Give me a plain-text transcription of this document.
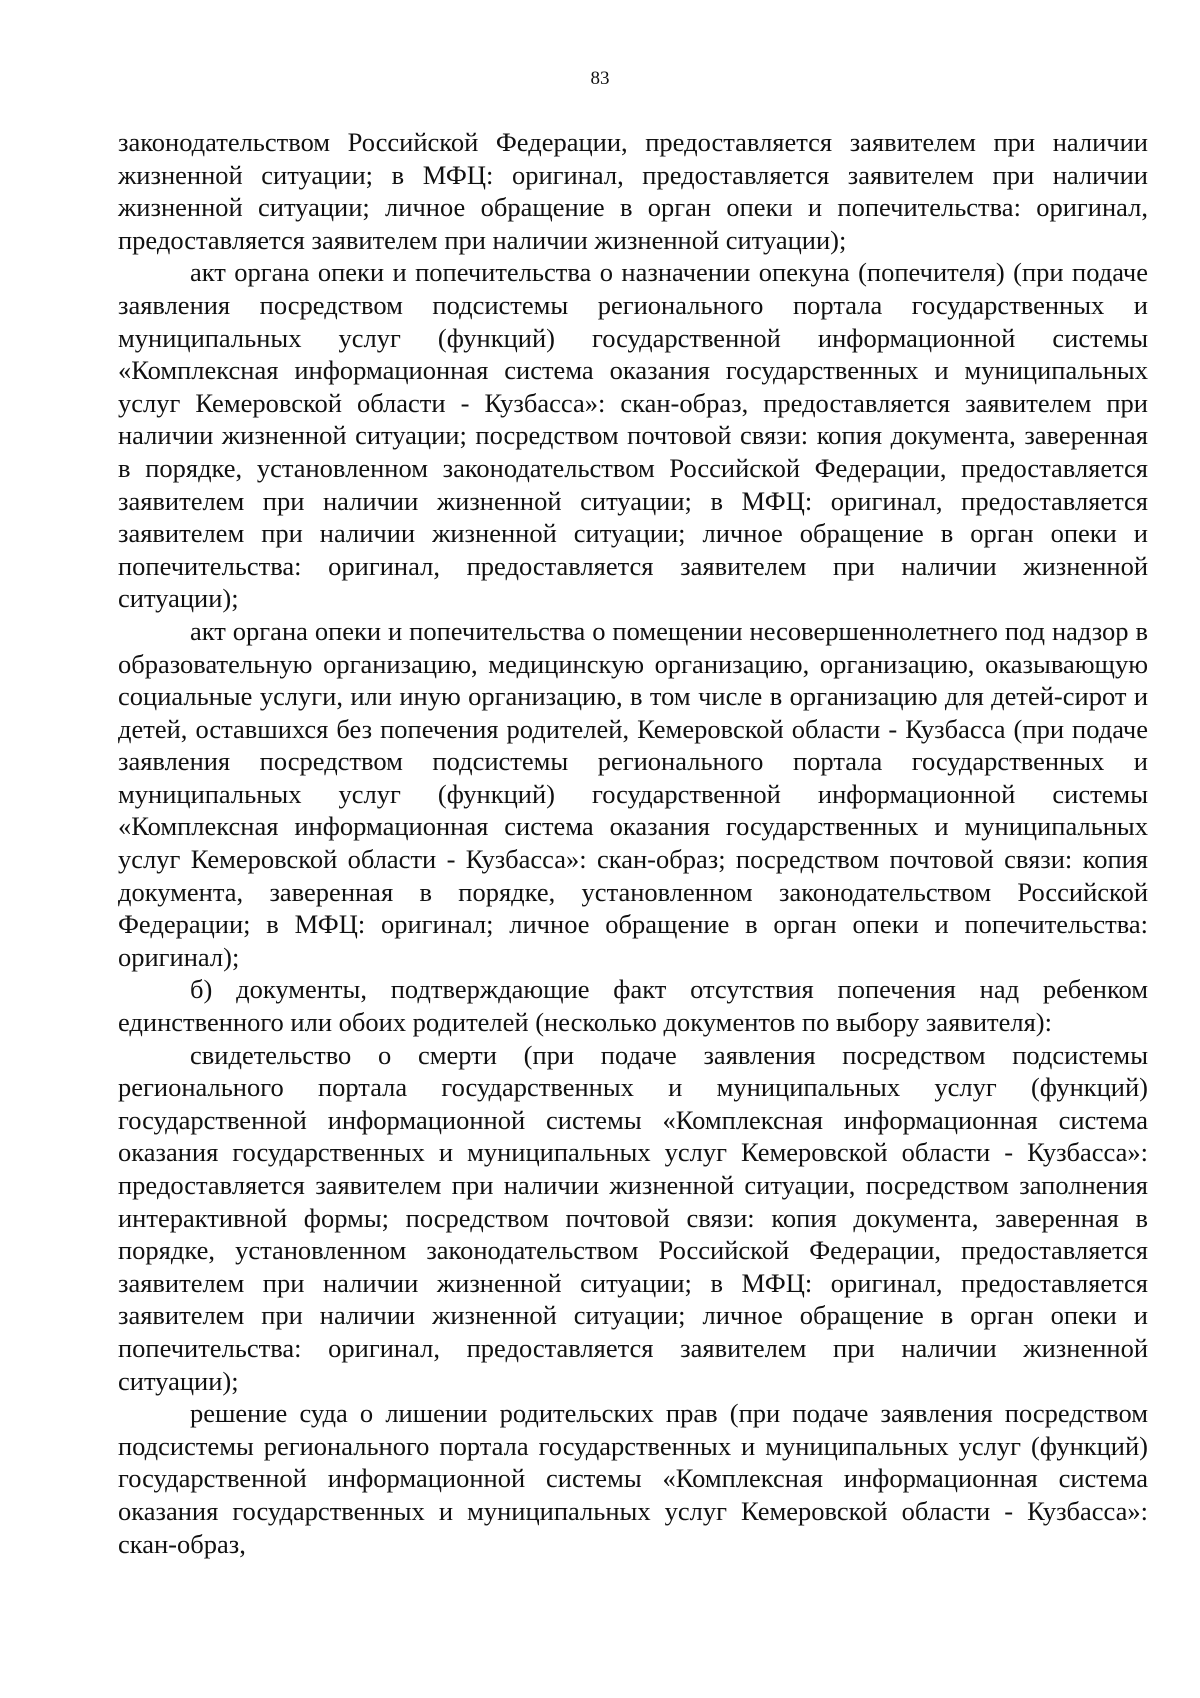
83

законодательством Российской Федерации, предоставляется заявителем при наличии жизненной ситуации; в МФЦ: оригинал, предоставляется заявителем при наличии жизненной ситуации; личное обращение в орган опеки и попечительства: оригинал, предоставляется заявителем при наличии жизненной ситуации);

акт органа опеки и попечительства о назначении опекуна (попечителя) (при подаче заявления посредством подсистемы регионального портала государственных и муниципальных услуг (функций) государственной информационной системы «Комплексная информационная система оказания государственных и муниципальных услуг Кемеровской области - Кузбасса»: скан-образ, предоставляется заявителем при наличии жизненной ситуации; посредством почтовой связи: копия документа, заверенная в порядке, установленном законодательством Российской Федерации, предоставляется заявителем при наличии жизненной ситуации; в МФЦ: оригинал, предоставляется заявителем при наличии жизненной ситуации; личное обращение в орган опеки и попечительства: оригинал, предоставляется заявителем при наличии жизненной ситуации);

акт органа опеки и попечительства о помещении несовершеннолетнего под надзор в образовательную организацию, медицинскую организацию, организацию, оказывающую социальные услуги, или иную организацию, в том числе в организацию для детей-сирот и детей, оставшихся без попечения родителей, Кемеровской области - Кузбасса (при подаче заявления посредством подсистемы регионального портала государственных и муниципальных услуг (функций) государственной информационной системы «Комплексная информационная система оказания государственных и муниципальных услуг Кемеровской области - Кузбасса»: скан-образ; посредством почтовой связи: копия документа, заверенная в порядке, установленном законодательством Российской Федерации; в МФЦ: оригинал; личное обращение в орган опеки и попечительства: оригинал);

б) документы, подтверждающие факт отсутствия попечения над ребенком единственного или обоих родителей (несколько документов по выбору заявителя):

свидетельство о смерти (при подаче заявления посредством подсистемы регионального портала государственных и муниципальных услуг (функций) государственной информационной системы «Комплексная информационная система оказания государственных и муниципальных услуг Кемеровской области - Кузбасса»: предоставляется заявителем при наличии жизненной ситуации, посредством заполнения интерактивной формы; посредством почтовой связи: копия документа, заверенная в порядке, установленном законодательством Российской Федерации, предоставляется заявителем при наличии жизненной ситуации; в МФЦ: оригинал, предоставляется заявителем при наличии жизненной ситуации; личное обращение в орган опеки и попечительства: оригинал, предоставляется заявителем при наличии жизненной ситуации);

решение суда о лишении родительских прав (при подаче заявления посредством подсистемы регионального портала государственных и муниципальных услуг (функций) государственной информационной системы «Комплексная информационная система оказания государственных и муниципальных услуг Кемеровской области - Кузбасса»: скан-образ,
